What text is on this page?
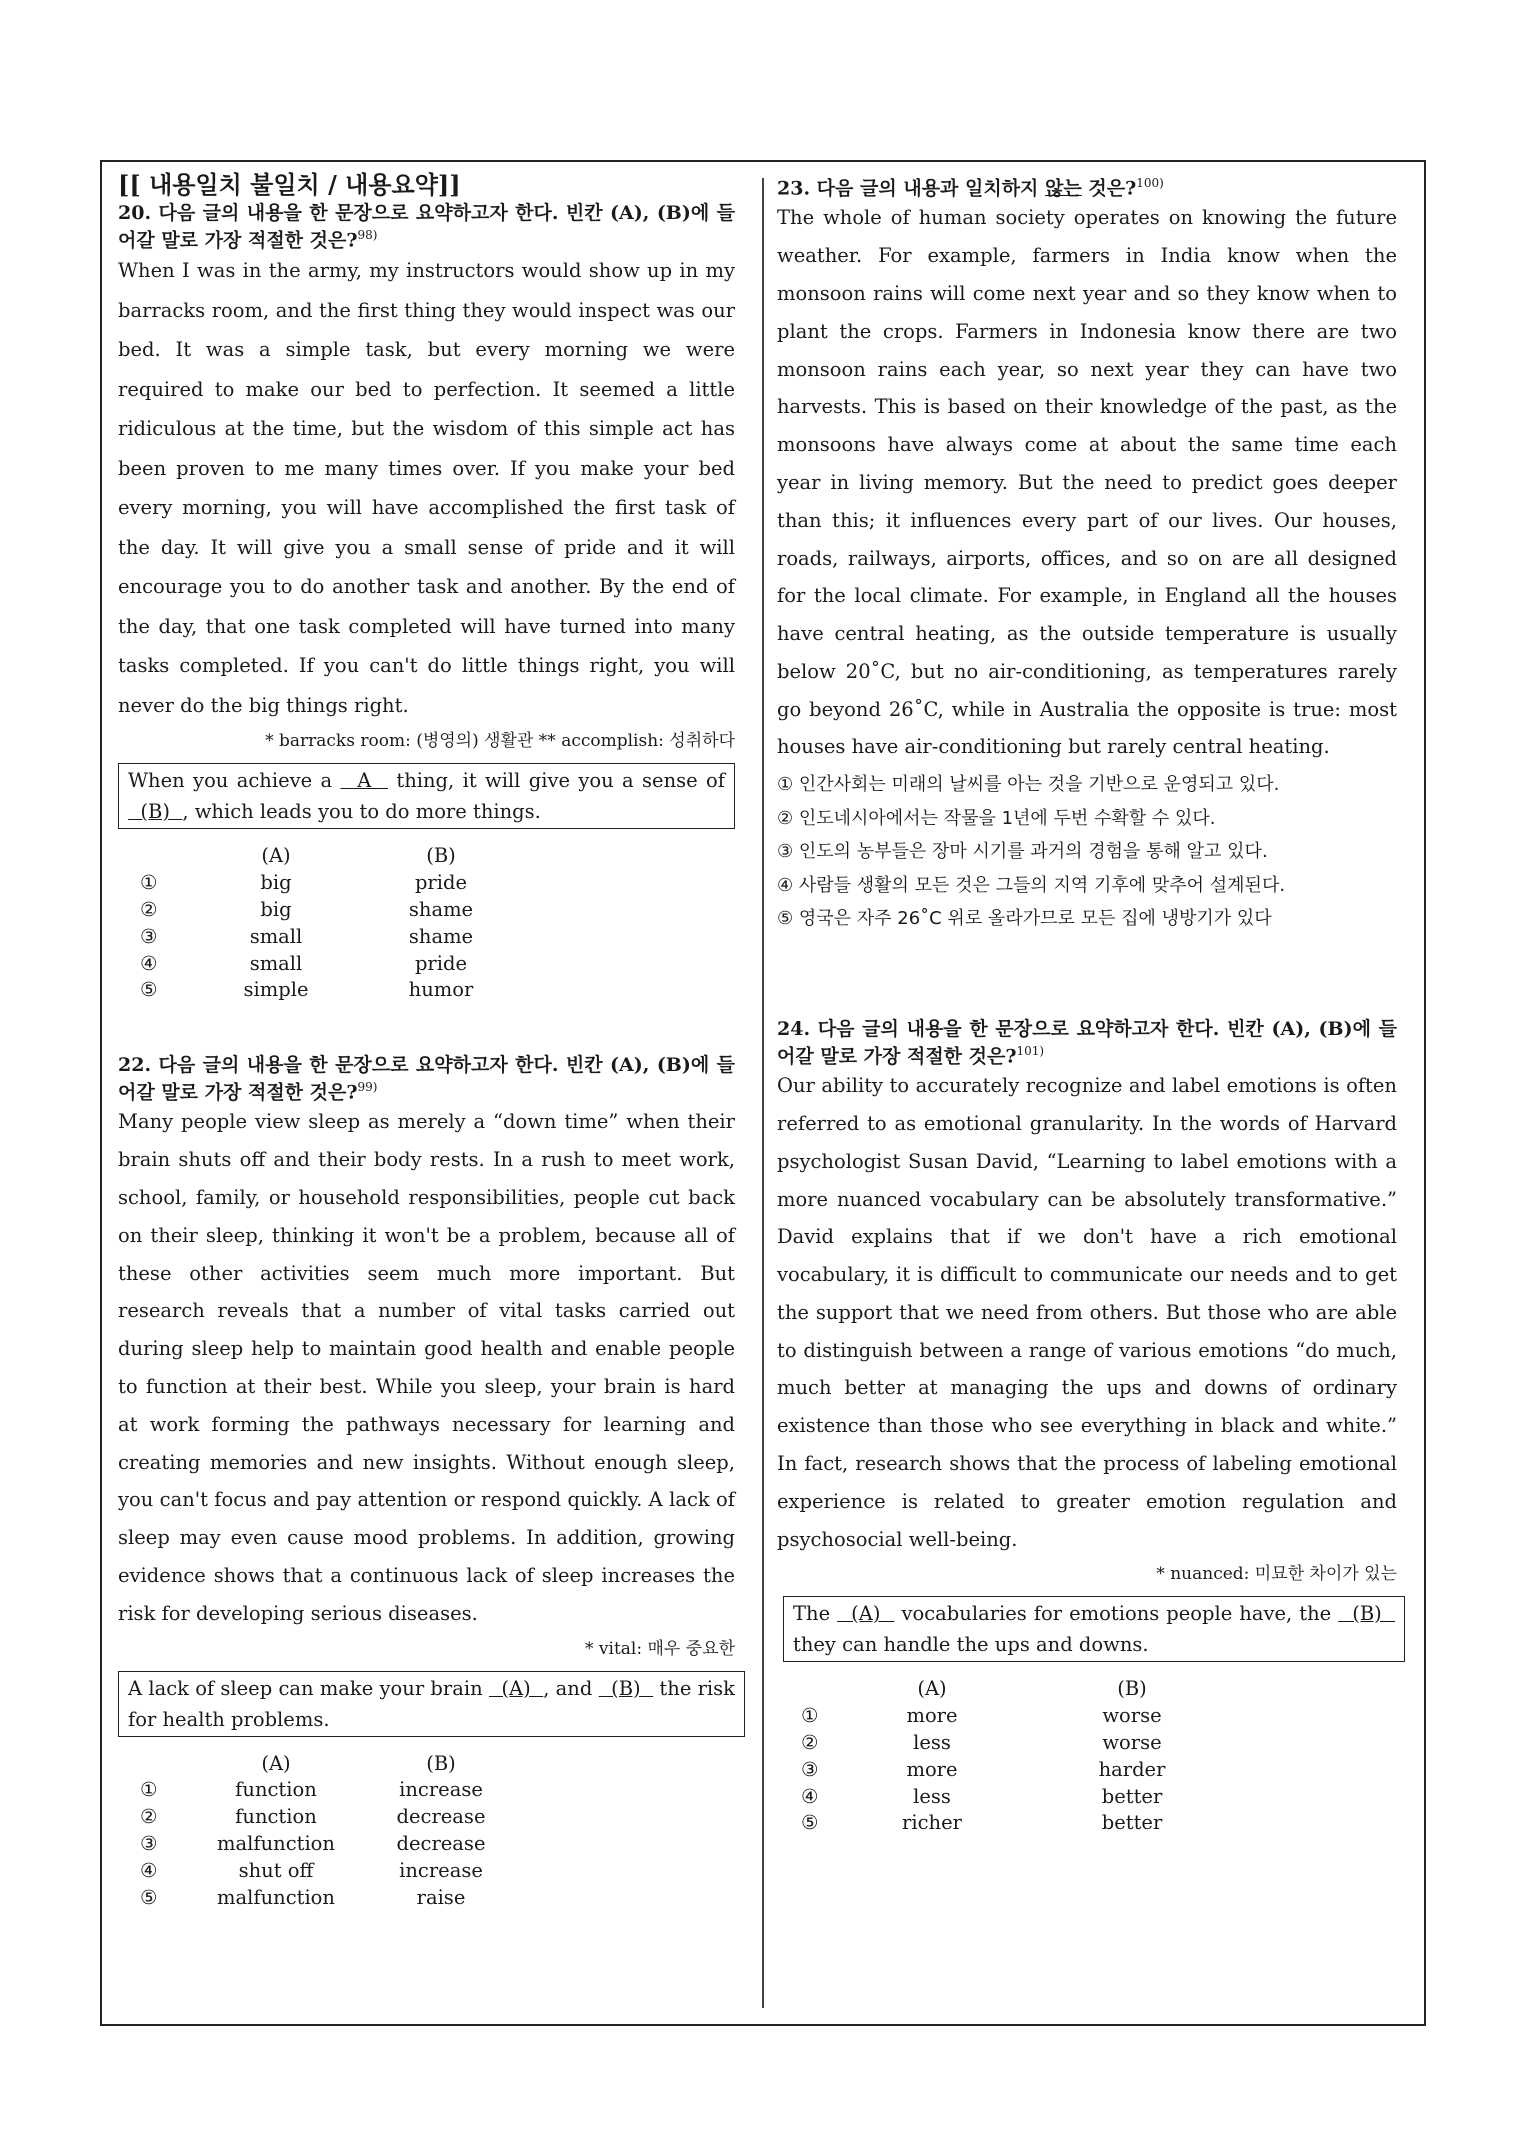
[[ 내용일치 불일치 / 내용요약]]

20. 다음 글의 내용을 한 문장으로 요약하고자 한다. 빈칸 (A), (B)에 들어갈 말로 가장 적절한 것은?$^{98)}$

When I was in the army, my instructors would show up in my barracks room, and the first thing they would inspect was our bed. It was a simple task, but every morning we were required to make our bed to perfection. It seemed a little ridiculous at the time, but the wisdom of this simple act has been proven to me many times over. If you make your bed every morning, you will have accomplished the first task of the day. It will give you a small sense of pride and it will encourage you to do another task and another. By the end of the day, that one task completed will have turned into many tasks completed. If you can't do little things right, you will never do the big things right.

* barracks room: (병영의) 생활관 ** accomplish: 성취하다

When you achieve a   A   thing, it will give you a sense of   (B)  , which leads you to do more things.
	(A)	(B)
①	big	pride
②	big	shame
③	small	shame
④	small	pride
⑤	simple	humor

22. 다음 글의 내용을 한 문장으로 요약하고자 한다. 빈칸 (A), (B)에 들어갈 말로 가장 적절한 것은?$^{99)}$

Many people view sleep as merely a “down time” when their brain shuts off and their body rests. In a rush to meet work, school, family, or household responsibilities, people cut back on their sleep, thinking it won't be a problem, because all of these other activities seem much more important. But research reveals that a number of vital tasks carried out during sleep help to maintain good health and enable people to function at their best. While you sleep, your brain is hard at work forming the pathways necessary for learning and creating memories and new insights. Without enough sleep, you can't focus and pay attention or respond quickly. A lack of sleep may even cause mood problems. In addition, growing evidence shows that a continuous lack of sleep increases the risk for developing serious diseases.

* vital: 매우 중요한

A lack of sleep can make your brain   (A)  , and   (B)   the risk for health problems.
	(A)	(B)
①	function	increase
②	function	decrease
③	malfunction	decrease
④	shut off	increase
⑤	malfunction	raise

23. 다음 글의 내용과 일치하지 않는 것은?$^{100)}$

The whole of human society operates on knowing the future weather. For example, farmers in India know when the monsoon rains will come next year and so they know when to plant the crops. Farmers in Indonesia know there are two monsoon rains each year, so next year they can have two harvests. This is based on their knowledge of the past, as the monsoons have always come at about the same time each year in living memory. But the need to predict goes deeper than this; it influences every part of our lives. Our houses, roads, railways, airports, offices, and so on are all designed for the local climate. For example, in England all the houses have central heating, as the outside temperature is usually below 20˚C, but no air-conditioning, as temperatures rarely go beyond 26˚C, while in Australia the opposite is true: most houses have air-conditioning but rarely central heating.

① 인간사회는 미래의 날씨를 아는 것을 기반으로 운영되고 있다.
② 인도네시아에서는 작물을 1년에 두번 수확할 수 있다.
③ 인도의 농부들은 장마 시기를 과거의 경험을 통해 알고 있다.
④ 사람들 생활의 모든 것은 그들의 지역 기후에 맞추어 설계된다.
⑤ 영국은 자주 26˚C 위로 올라가므로 모든 집에 냉방기가 있다

24. 다음 글의 내용을 한 문장으로 요약하고자 한다. 빈칸 (A), (B)에 들어갈 말로 가장 적절한 것은?$^{101)}$

Our ability to accurately recognize and label emotions is often referred to as emotional granularity. In the words of Harvard psychologist Susan David, “Learning to label emotions with a more nuanced vocabulary can be absolutely transformative.” David explains that if we don't have a rich emotional vocabulary, it is difficult to communicate our needs and to get the support that we need from others. But those who are able to distinguish between a range of various emotions “do much, much better at managing the ups and downs of ordinary existence than those who see everything in black and white.” In fact, research shows that the process of labeling emotional experience is related to greater emotion regulation and psychosocial well-being.

* nuanced: 미묘한 차이가 있는

The   (A)   vocabularies for emotions people have, the   (B)   they can handle the ups and downs.
	(A)	(B)
①	more	worse
②	less	worse
③	more	harder
④	less	better
⑤	richer	better
